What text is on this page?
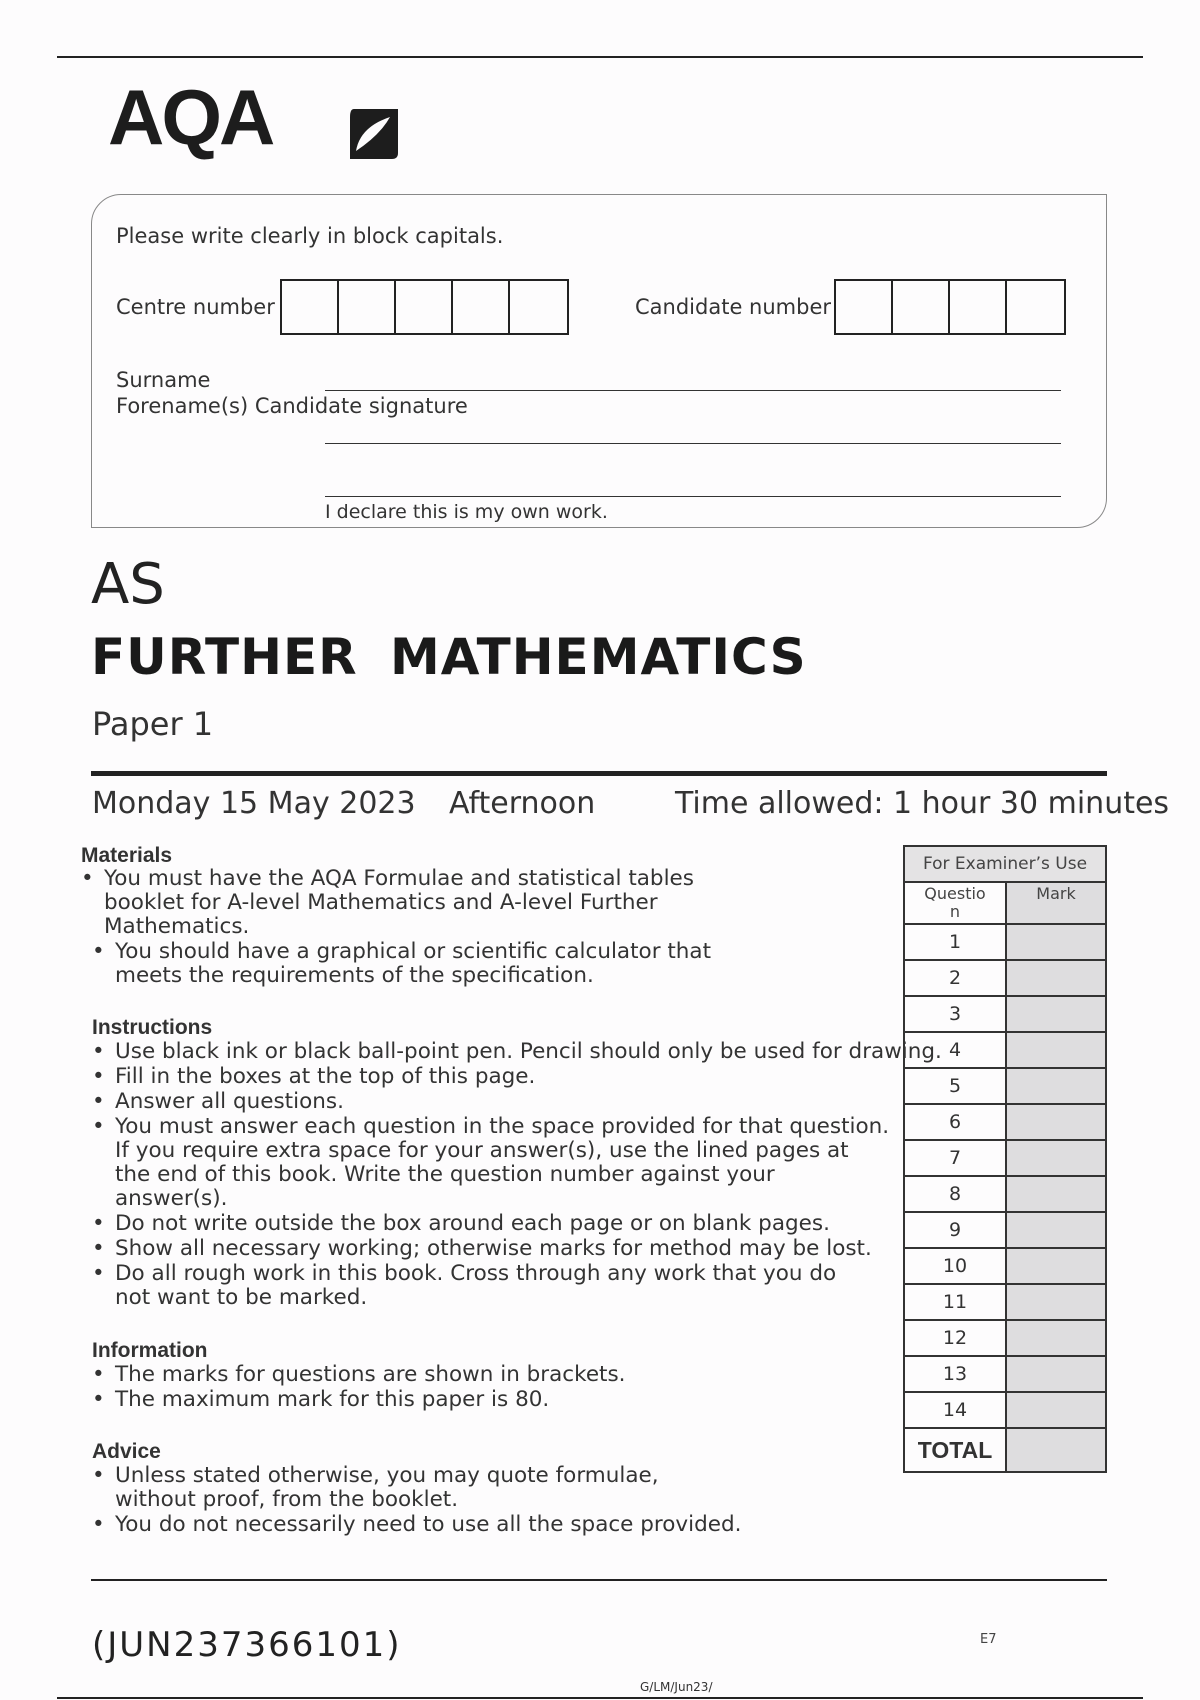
AQA
Please write clearly in block capitals.
Centre number	Candidate number
Surname
Forename(s) Candidate signature
I declare this is my own work.
AS
FURTHER MATHEMATICS
Paper 1
Monday 15 May 2023 Afternoon	Time allowed: 1 hour 30 minutes
Materials
• You must have the AQA Formulae and statistical tables
booklet for A-level Mathematics and A-level Further
Mathematics.
• You should have a graphical or scientific calculator that
meets the requirements of the specification.
Instructions
• Use black ink or black ball-point pen. Pencil should only be used for drawing.
• Fill in the boxes at the top of this page.
• Answer all questions.
• You must answer each question in the space provided for that question.
If you require extra space for your answer(s), use the lined pages at
the end of this book. Write the question number against your
answer(s).
• Do not write outside the box around each page or on blank pages.
• Show all necessary working; otherwise marks for method may be lost.
• Do all rough work in this book. Cross through any work that you do
not want to be marked.
Information
• The marks for questions are shown in brackets.
• The maximum mark for this paper is 80.
Advice
• Unless stated otherwise, you may quote formulae,
without proof, from the booklet.
• You do not necessarily need to use all the space provided.
For Examiner’s Use	
Questio
n	Mark
1	
2	
3	
4	
5	
6	
7	
8	
9	
10	
11	
12	
13	
14	
TOTAL	
(JUN237366101)	E7
G/LM/Jun23/
